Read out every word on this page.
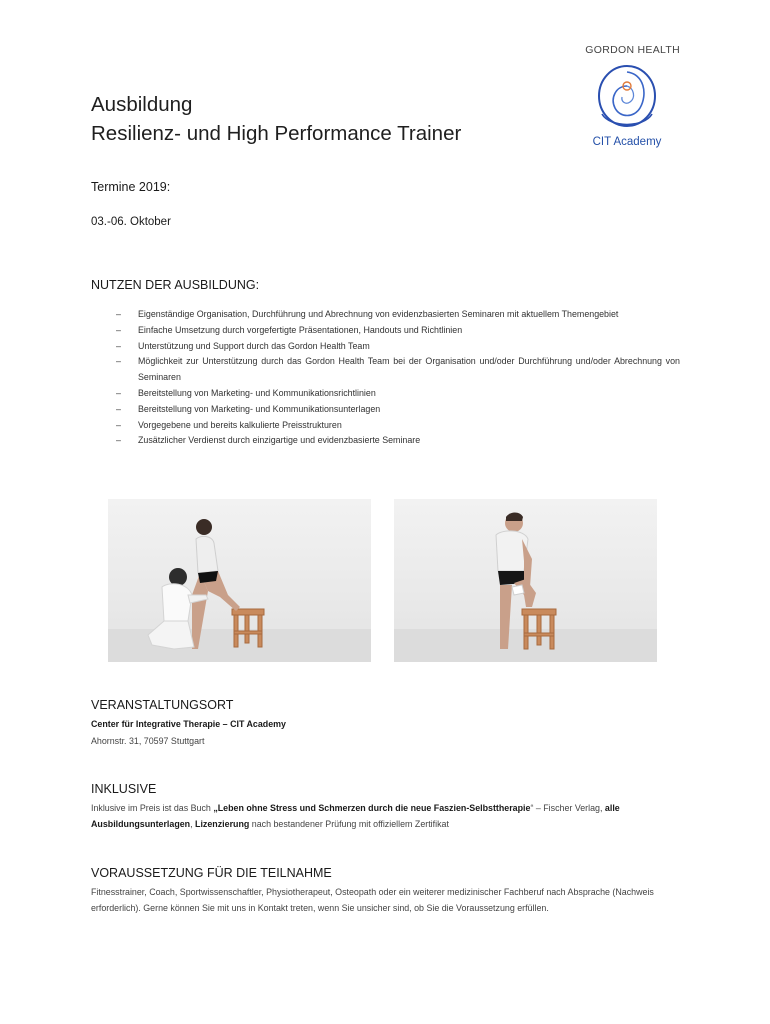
GORDON HEALTH
CIT Academy
Ausbildung
Resilienz- und High Performance Trainer
Termine 2019:
03.-06. Oktober
NUTZEN DER AUSBILDUNG:
– Eigenständige Organisation, Durchführung und Abrechnung von evidenzbasierten Seminaren mit aktuellem Themengebiet
– Einfache Umsetzung durch vorgefertigte Präsentationen, Handouts und Richtlinien
– Unterstützung und Support durch das Gordon Health Team
– Möglichkeit zur Unterstützung durch das Gordon Health Team bei der Organisation und/oder Durchführung und/oder Abrechnung von Seminaren
– Bereitstellung von Marketing- und Kommunikationsrichtlinien
– Bereitstellung von Marketing- und Kommunikationsunterlagen
– Vorgegebene und bereits kalkulierte Preisstrukturen
– Zusätzlicher Verdienst durch einzigartige und evidenzbasierte Seminare
VERANSTALTUNGSORT
Center für Integrative Therapie – CIT Academy
Ahornstr. 31, 70597 Stuttgart
INKLUSIVE
Inklusive im Preis ist das Buch „Leben ohne Stress und Schmerzen durch die neue Faszien-Selbsttherapie“ – Fischer Verlag, alle Ausbildungsunterlagen, Lizenzierung nach bestandener Prüfung mit offiziellem Zertifikat
VORAUSSETZUNG FÜR DIE TEILNAHME
Fitnesstrainer, Coach, Sportwissenschaftler, Physiotherapeut, Osteopath oder ein weiterer medizinischer Fachberuf nach Absprache (Nachweis erforderlich). Gerne können Sie mit uns in Kontakt treten, wenn Sie unsicher sind, ob Sie die Voraussetzung erfüllen.
